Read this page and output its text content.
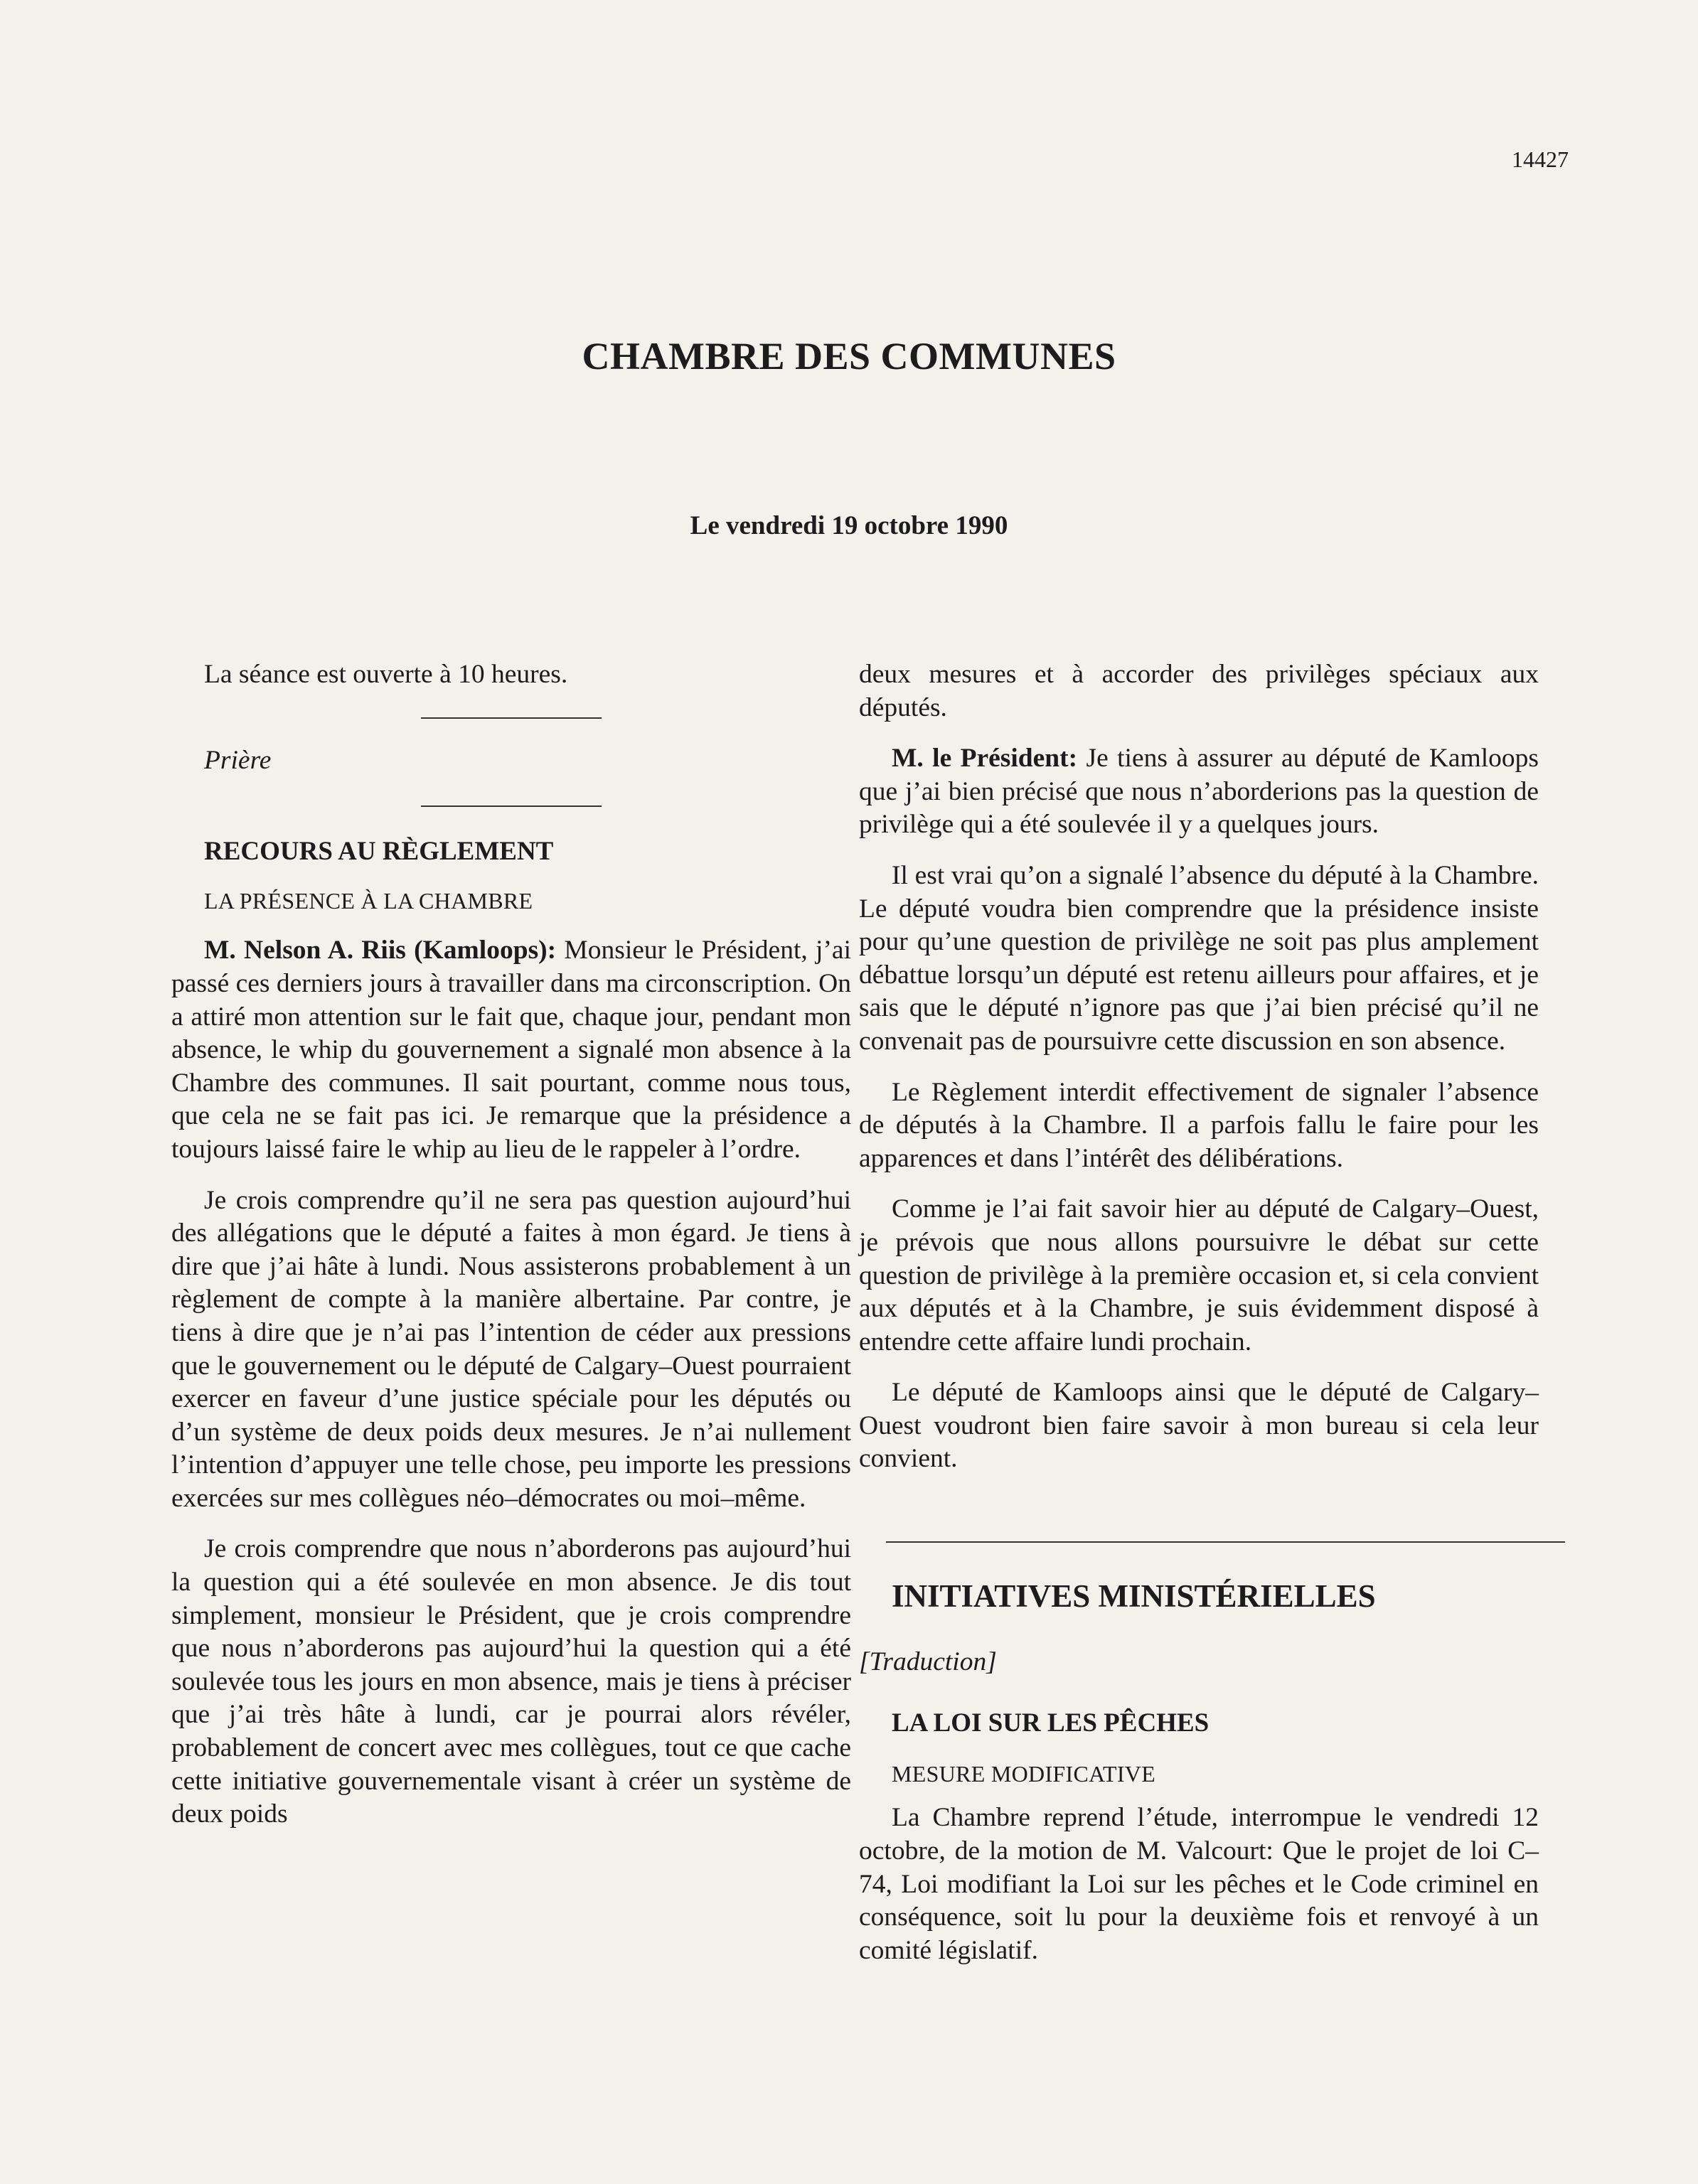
14427
CHAMBRE DES COMMUNES
Le vendredi 19 octobre 1990

La séance est ouverte à 10 heures.

Prière

RECOURS AU RÈGLEMENT

LA PRÉSENCE À LA CHAMBRE

M. Nelson A. Riis (Kamloops): Monsieur le Président, j’ai passé ces derniers jours à travailler dans ma circonscription. On a attiré mon attention sur le fait que, chaque jour, pendant mon absence, le whip du gouvernement a signalé mon absence à la Chambre des communes. Il sait pourtant, comme nous tous, que cela ne se fait pas ici. Je remarque que la présidence a toujours laissé faire le whip au lieu de le rappeler à l’ordre.

Je crois comprendre qu’il ne sera pas question aujourd’hui des allégations que le député a faites à mon égard. Je tiens à dire que j’ai hâte à lundi. Nous assisterons probablement à un règlement de compte à la manière albertaine. Par contre, je tiens à dire que je n’ai pas l’intention de céder aux pressions que le gouvernement ou le député de Calgary–Ouest pourraient exercer en faveur d’une justice spéciale pour les députés ou d’un système de deux poids deux mesures. Je n’ai nullement l’intention d’appuyer une telle chose, peu importe les pressions exercées sur mes collègues néo–démocrates ou moi–même.

Je crois comprendre que nous n’aborderons pas aujourd’hui la question qui a été soulevée en mon absence. Je dis tout simplement, monsieur le Président, que je crois comprendre que nous n’aborderons pas aujourd’hui la question qui a été soulevée tous les jours en mon absence, mais je tiens à préciser que j’ai très hâte à lundi, car je pourrai alors révéler, probablement de concert avec mes collègues, tout ce que cache cette initiative gouvernementale visant à créer un système de deux poids

deux mesures et à accorder des privilèges spéciaux aux députés.

M. le Président: Je tiens à assurer au député de Kamloops que j’ai bien précisé que nous n’aborderions pas la question de privilège qui a été soulevée il y a quelques jours.

Il est vrai qu’on a signalé l’absence du député à la Chambre. Le député voudra bien comprendre que la présidence insiste pour qu’une question de privilège ne soit pas plus amplement débattue lorsqu’un député est retenu ailleurs pour affaires, et je sais que le député n’ignore pas que j’ai bien précisé qu’il ne convenait pas de poursuivre cette discussion en son absence.

Le Règlement interdit effectivement de signaler l’absence de députés à la Chambre. Il a parfois fallu le faire pour les apparences et dans l’intérêt des délibérations.

Comme je l’ai fait savoir hier au député de Calgary–Ouest, je prévois que nous allons poursuivre le débat sur cette question de privilège à la première occasion et, si cela convient aux députés et à la Chambre, je suis évidemment disposé à entendre cette affaire lundi prochain.

Le député de Kamloops ainsi que le député de Calgary–Ouest voudront bien faire savoir à mon bureau si cela leur convient.

INITIATIVES MINISTÉRIELLES

[Traduction]

LA LOI SUR LES PÊCHES

MESURE MODIFICATIVE

La Chambre reprend l’étude, interrompue le vendredi 12 octobre, de la motion de M. Valcourt: Que le projet de loi C–74, Loi modifiant la Loi sur les pêches et le Code criminel en conséquence, soit lu pour la deuxième fois et renvoyé à un comité législatif.
